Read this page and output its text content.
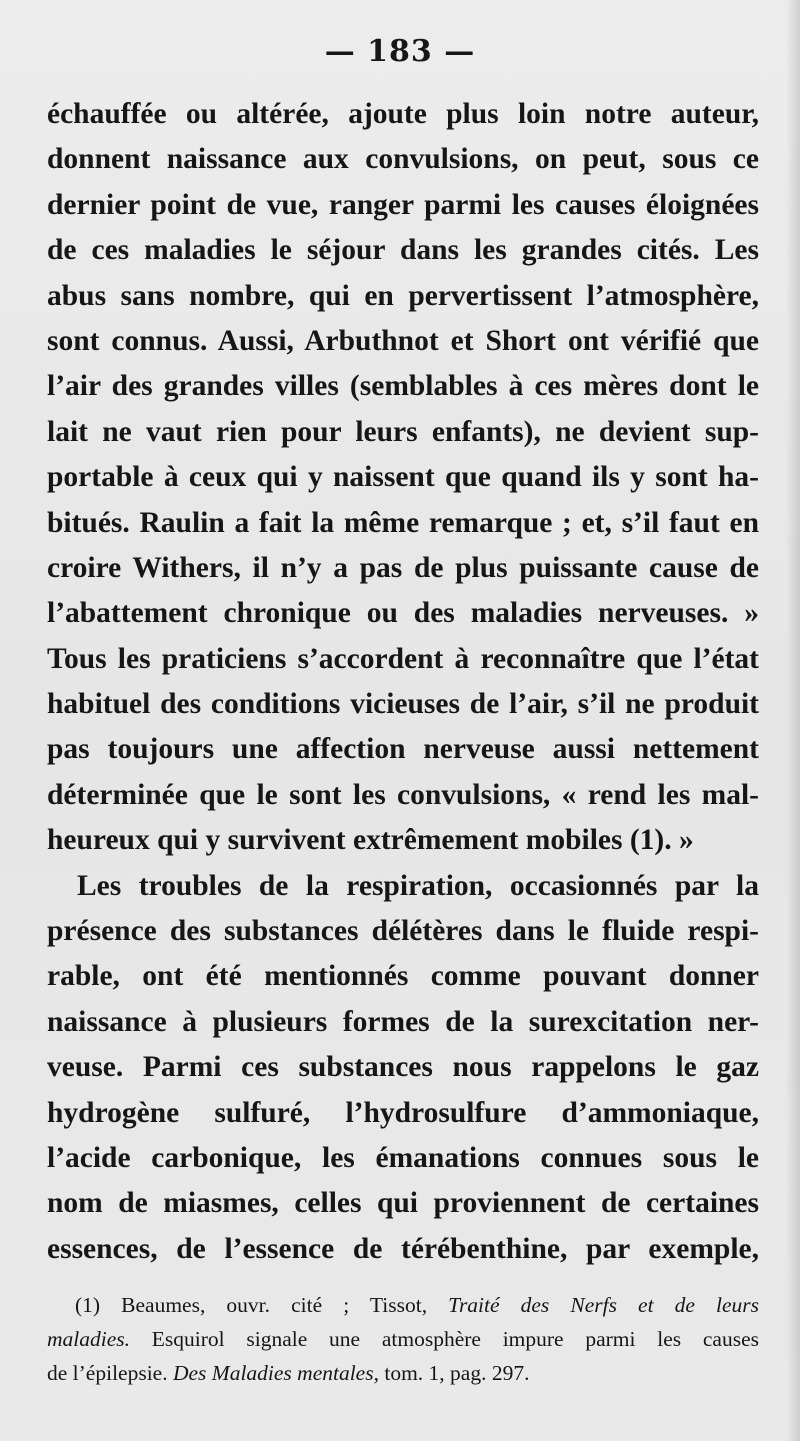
— 183 —
échauffée ou altérée, ajoute plus loin notre auteur,
donnent naissance aux convulsions, on peut, sous ce
dernier point de vue, ranger parmi les causes éloignées
de ces maladies le séjour dans les grandes cités. Les
abus sans nombre, qui en pervertissent l’atmosphère,
sont connus. Aussi, Arbuthnot et Short ont vérifié que
l’air des grandes villes (semblables à ces mères dont le
lait ne vaut rien pour leurs enfants), ne devient sup-
portable à ceux qui y naissent que quand ils y sont ha-
bitués. Raulin a fait la même remarque ; et, s’il faut en
croire Withers, il n’y a pas de plus puissante cause de
l’abattement chronique ou des maladies nerveuses. »
Tous les praticiens s’accordent à reconnaître que l’état
habituel des conditions vicieuses de l’air, s’il ne produit
pas toujours une affection nerveuse aussi nettement
déterminée que le sont les convulsions, « rend les mal-
heureux qui y survivent extrêmement mobiles (1). »
Les troubles de la respiration, occasionnés par la
présence des substances délétères dans le fluide respi-
rable, ont été mentionnés comme pouvant donner
naissance à plusieurs formes de la surexcitation ner-
veuse. Parmi ces substances nous rappelons le gaz
hydrogène sulfuré, l’hydrosulfure d’ammoniaque,
l’acide carbonique, les émanations connues sous le
nom de miasmes, celles qui proviennent de certaines
essences, de l’essence de térébenthine, par exemple,
(1) Beaumes, ouvr. cité ; Tissot, Traité des Nerfs et de leurs
maladies. Esquirol signale une atmosphère impure parmi les causes
de l’épilepsie. Des Maladies mentales, tom. 1, pag. 297.
